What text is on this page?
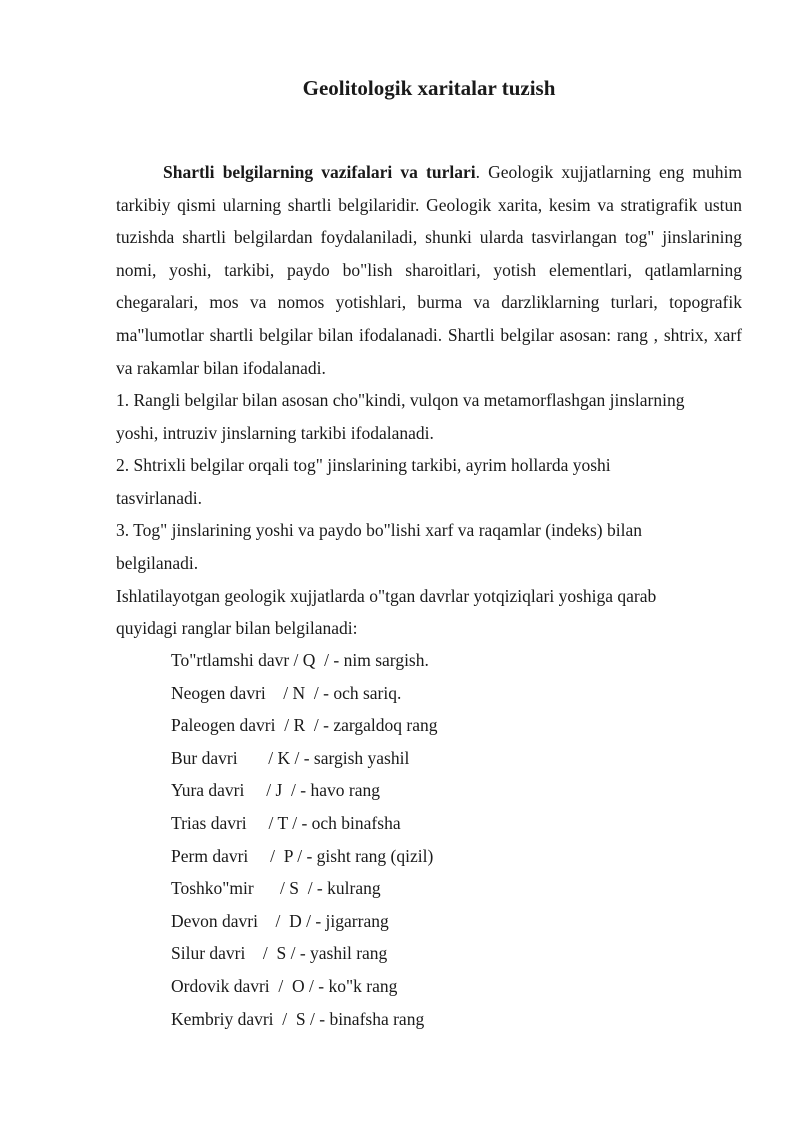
Geolitologik xaritalar tuzish

Shartli belgilarning vazifalari va turlari. Geologik xujjatlarning eng muhim tarkibiy qismi ularning shartli belgilaridir. Geologik xarita, kesim va stratigrafik ustun tuzishda shartli belgilardan foydalaniladi, shunki ularda tasvirlangan tog" jinslarining nomi, yoshi, tarkibi, paydo bo"lish sharoitlari, yotish elementlari, qatlamlarning chegaralari, mos va nomos yotishlari, burma va darzliklarning turlari, topografik ma"lumotlar shartli belgilar bilan ifodalanadi. Shartli belgilar asosan: rang , shtrix, xarf va rakamlar bilan ifodalanadi.

1. Rangli belgilar bilan asosan cho"kindi, vulqon va metamorflashgan jinslarning
yoshi, intruziv jinslarning tarkibi ifodalanadi.
2. Shtrixli belgilar orqali tog" jinslarining tarkibi, ayrim hollarda yoshi
tasvirlanadi.
3. Tog" jinslarining yoshi va paydo bo"lishi xarf va raqamlar (indeks) bilan
belgilanadi.
Ishlatilayotgan geologik xujjatlarda o"tgan davrlar yotqiziqlari yoshiga qarab
quyidagi ranglar bilan belgilanadi:
To"rtlamshi davr / Q  / - nim sargish.
Neogen davri    / N  / - och sariq.
Paleogen davri  / R  / - zargaldoq rang
Bur davri       / K / - sargish yashil
Yura davri     / J  / - havo rang
Trias davri     / T / - och binafsha
Perm davri     /  P / - gisht rang (qizil)
Toshko"mir      / S  / - kulrang
Devon davri    /  D / - jigarrang
Silur davri    /  S / - yashil rang
Ordovik davri  /  O / - ko"k rang
Kembriy davri  /  S / - binafsha rang
